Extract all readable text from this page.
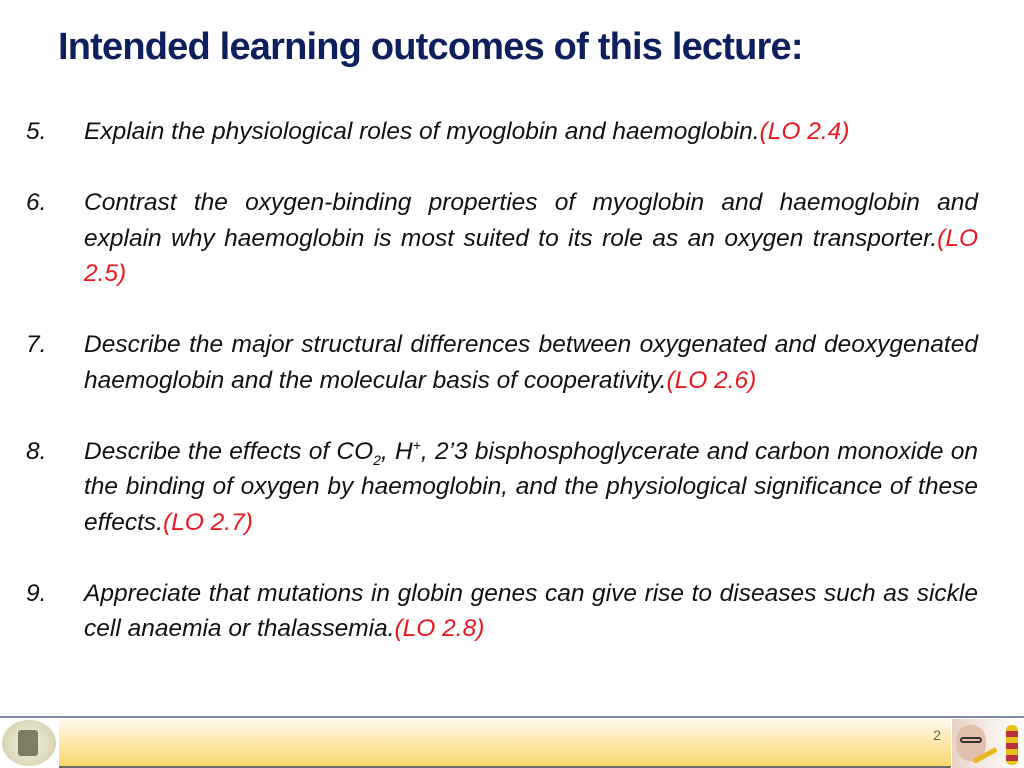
Intended learning outcomes of this lecture:
5. Explain the physiological roles of myoglobin and haemoglobin.(LO 2.4)
6. Contrast the oxygen-binding properties of myoglobin and haemoglobin and explain why haemoglobin is most suited to its role as an oxygen transporter.(LO 2.5)
7. Describe the major structural differences between oxygenated and deoxygenated haemoglobin and the molecular basis of cooperativity.(LO 2.6)
8. Describe the effects of $CO_2$, H+, 2’3 bisphosphoglycerate and carbon monoxide on the binding of oxygen by haemoglobin, and the physiological significance of these effects.(LO 2.7)
9. Appreciate that mutations in globin genes can give rise to diseases such as sickle cell anaemia or thalassemia.(LO 2.8)
2
